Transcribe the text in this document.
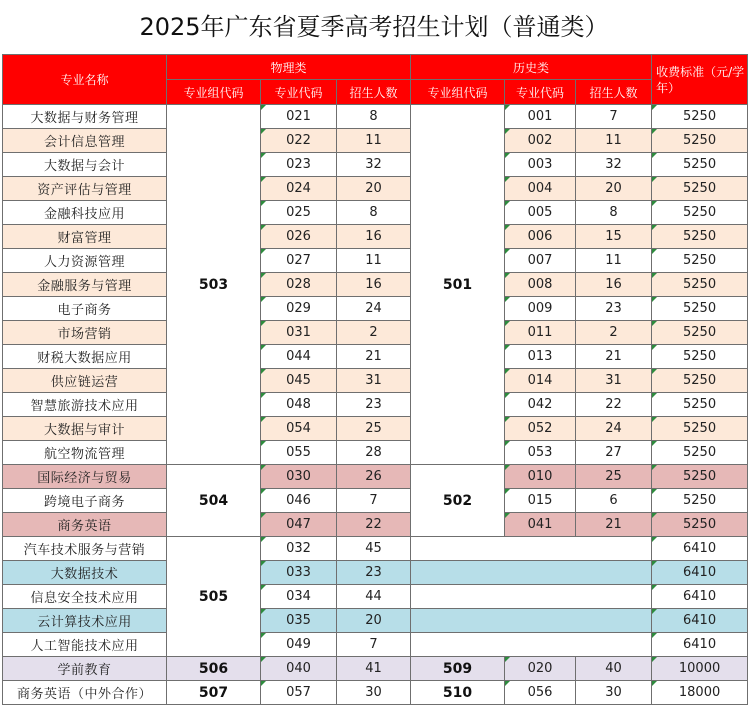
2025年广东省夏季高考招生计划（普通类）
专业名称	物理类			历史类			收费标准（元/学年）
	专业组代码	专业代码	招生人数	专业组代码	专业代码	招生人数	
大数据与财务管理	503	021	8	501	001	7	5250
会计信息管理		022	11		002	11	5250
大数据与会计		023	32		003	32	5250
资产评估与管理		024	20		004	20	5250
金融科技应用		025	8		005	8	5250
财富管理		026	16		006	15	5250
人力资源管理		027	11		007	11	5250
金融服务与管理		028	16		008	16	5250
电子商务		029	24		009	23	5250
市场营销		031	2		011	2	5250
财税大数据应用		044	21		013	21	5250
供应链运营		045	31		014	31	5250
智慧旅游技术应用		048	23		042	22	5250
大数据与审计		054	25		052	24	5250
航空物流管理		055	28		053	27	5250
国际经济与贸易	504	030	26	502	010	25	5250
跨境电子商务		046	7		015	6	5250
商务英语		047	22		041	21	5250
汽车技术服务与营销	505	032	45				6410
大数据技术		033	23				6410
信息安全技术应用		034	44				6410
云计算技术应用		035	20				6410
人工智能技术应用		049	7				6410
学前教育	506	040	41	509	020	40	10000
商务英语（中外合作）	507	057	30	510	056	30	18000
